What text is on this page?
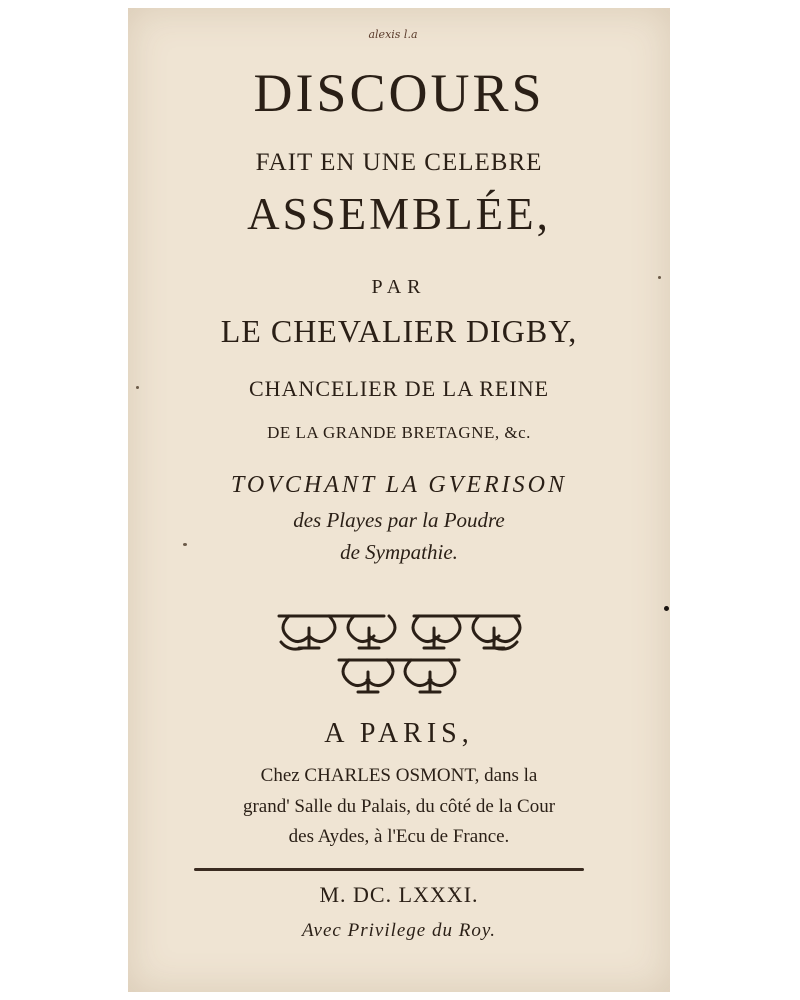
alexis l.a
DISCOURS
FAIT EN UNE CELEBRE
ASSEMBLÉE,
PAR
LE CHEVALIER DIGBY,
CHANCELIER DE LA REINE
DE LA GRANDE BRETAGNE, &c.
TOVCHANT LA GVERISON
des Playes par la Poudre
de Sympathie.
A PARIS,
Chez CHARLES OSMONT, dans la
grand' Salle du Palais, du côté de la Cour
des Aydes, à l'Ecu de France.
M. DC. LXXXI.
Avec Privilege du Roy.
